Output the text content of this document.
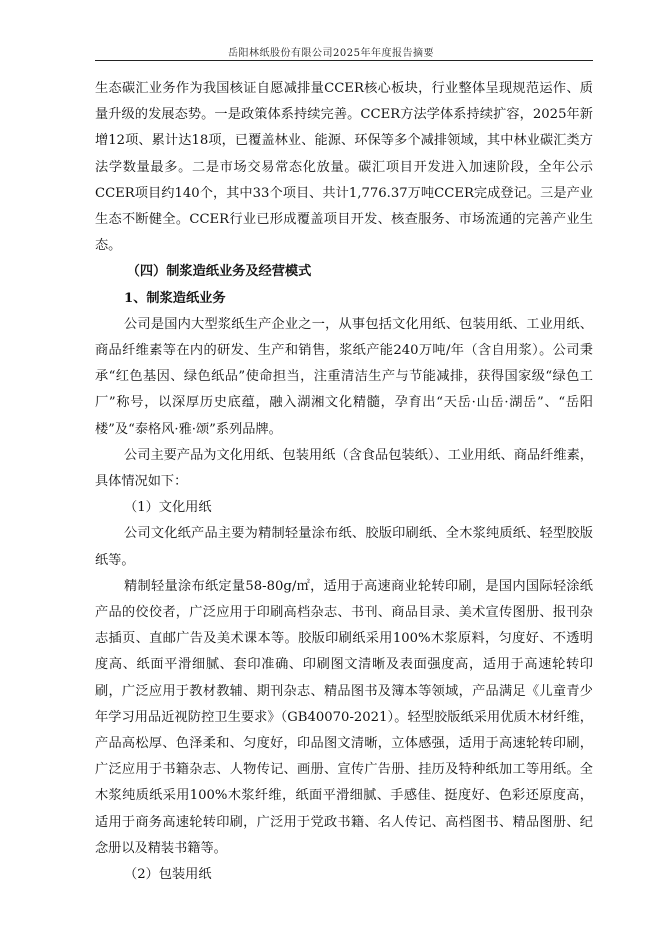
岳阳林纸股份有限公司2025年年度报告摘要

生态碳汇业务作为我国核证自愿减排量CCER核心板块，行业整体呈现规范运作、质量升级的发展态势。一是政策体系持续完善。CCER方法学体系持续扩容，2025年新增12项、累计达18项，已覆盖林业、能源、环保等多个减排领域，其中林业碳汇类方法学数量最多。二是市场交易常态化放量。碳汇项目开发进入加速阶段，全年公示CCER项目约140个，其中33个项目、共计1,776.37万吨CCER完成登记。三是产业生态不断健全。CCER行业已形成覆盖项目开发、核查服务、市场流通的完善产业生态。

（四）制浆造纸业务及经营模式

1、制浆造纸业务

公司是国内大型浆纸生产企业之一，从事包括文化用纸、包装用纸、工业用纸、商品纤维素等在内的研发、生产和销售，浆纸产能240万吨/年（含自用浆）。公司秉承“红色基因、绿色纸品”使命担当，注重清洁生产与节能减排，获得国家级“绿色工厂”称号，以深厚历史底蕴，融入湖湘文化精髓，孕育出“天岳·山岳·湖岳”、“岳阳楼”及“泰格风·雅·颂”系列品牌。

公司主要产品为文化用纸、包装用纸（含食品包装纸）、工业用纸、商品纤维素，具体情况如下：

（1）文化用纸

公司文化纸产品主要为精制轻量涂布纸、胶版印刷纸、全木浆纯质纸、轻型胶版纸等。

精制轻量涂布纸定量58-80g/㎡，适用于高速商业轮转印刷，是国内国际轻涂纸产品的佼佼者，广泛应用于印刷高档杂志、书刊、商品目录、美术宣传图册、报刊杂志插页、直邮广告及美术课本等。胶版印刷纸采用100%木浆原料，匀度好、不透明度高、纸面平滑细腻、套印准确、印刷图文清晰及表面强度高，适用于高速轮转印刷，广泛应用于教材教辅、期刊杂志、精品图书及簿本等领域，产品满足《儿童青少年学习用品近视防控卫生要求》（GB40070-2021）。轻型胶版纸采用优质木材纤维，产品高松厚、色泽柔和、匀度好，印品图文清晰，立体感强，适用于高速轮转印刷，广泛应用于书籍杂志、人物传记、画册、宣传广告册、挂历及特种纸加工等用纸。全木浆纯质纸采用100%木浆纤维，纸面平滑细腻、手感佳、挺度好、色彩还原度高，适用于商务高速轮转印刷，广泛用于党政书籍、名人传记、高档图书、精品图册、纪念册以及精装书籍等。

（2）包装用纸
